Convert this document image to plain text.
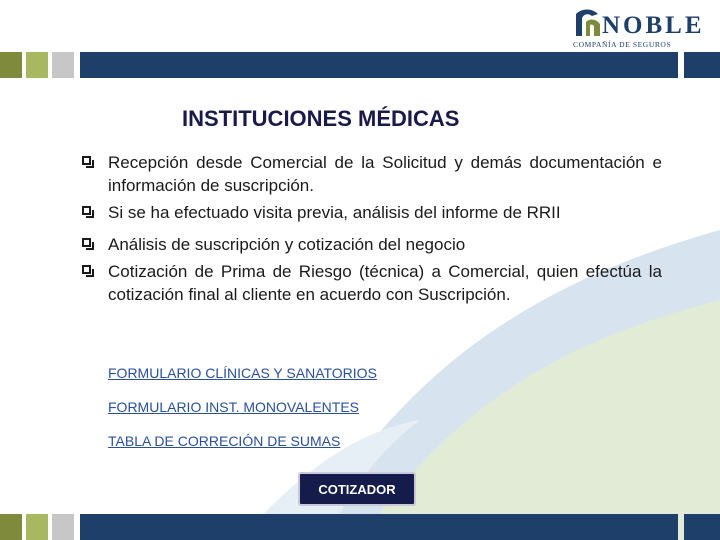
NOBLE
COMPAÑÍA DE SEGUROS
INSTITUCIONES MÉDICAS
Recepción desde Comercial de la Solicitud y demás documentación e información de suscripción.
Si se ha efectuado visita previa, análisis del informe de RRII
Análisis de suscripción y cotización del negocio
Cotización de Prima de Riesgo (técnica) a Comercial, quien efectúa la cotización final al cliente en acuerdo con Suscripción.
FORMULARIO CLÍNICAS Y SANATORIOS
FORMULARIO INST. MONOVALENTES
TABLA DE CORRECIÓN DE SUMAS
COTIZADOR
